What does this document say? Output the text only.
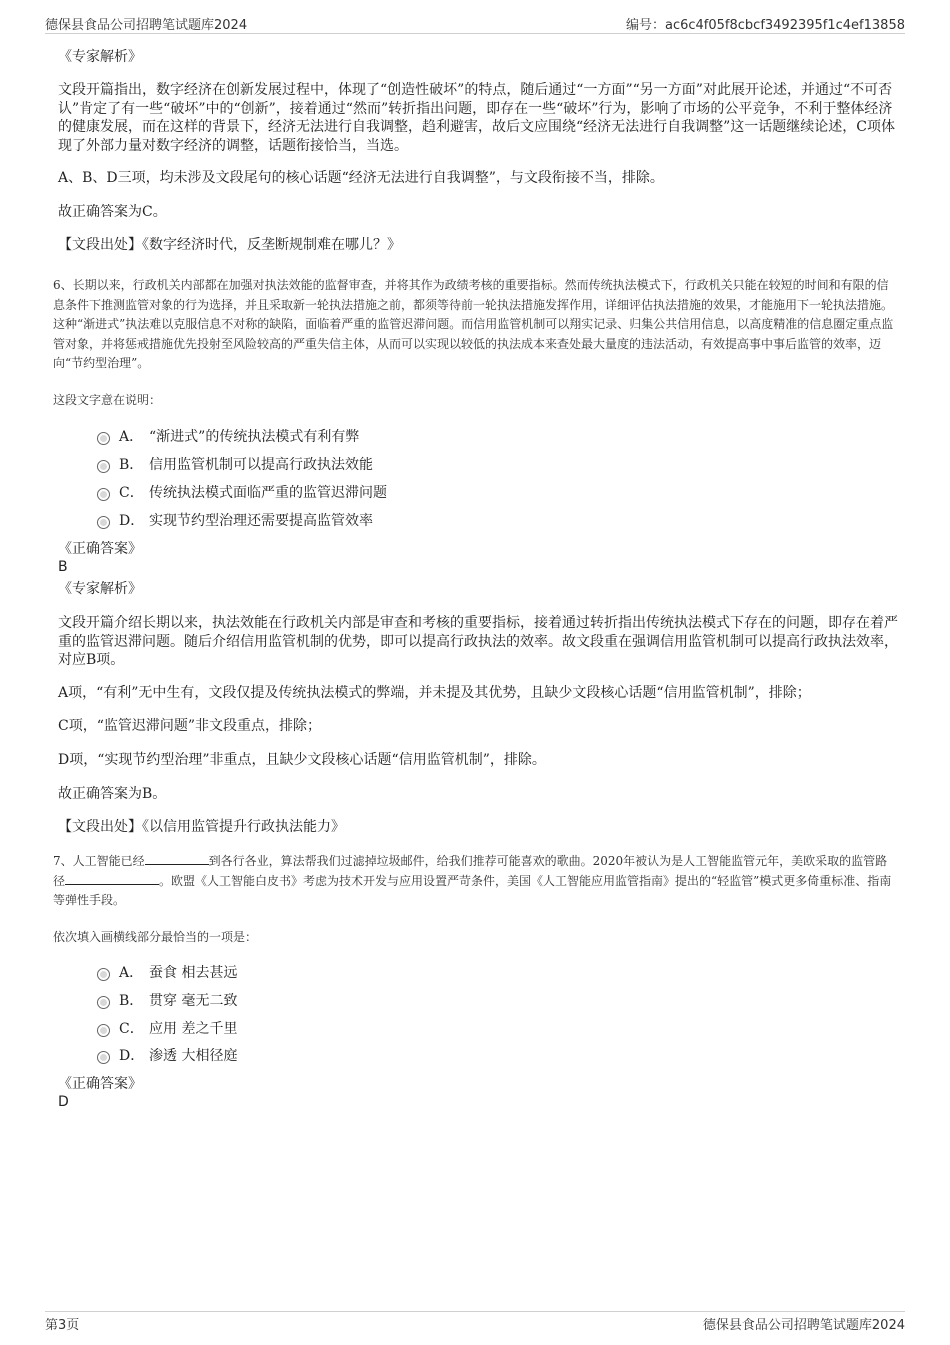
德保县食品公司招聘笔试题库2024	编号：ac6c4f05f8cbcf3492395f1c4ef13858
《专家解析》
文段开篇指出，数字经济在创新发展过程中，体现了“创造性破坏”的特点，随后通过“一方面”“另一方面”对此展开论述，并通过“不可否认”肯定了有一些“破坏”中的“创新”，接着通过“然而”转折指出问题，即存在一些“破坏”行为，影响了市场的公平竞争，不利于整体经济的健康发展，而在这样的背景下，经济无法进行自我调整，趋利避害，故后文应围绕“经济无法进行自我调整”这一话题继续论述，C项体现了外部力量对数字经济的调整，话题衔接恰当，当选。
A、B、D三项，均未涉及文段尾句的核心话题“经济无法进行自我调整”，与文段衔接不当，排除。
故正确答案为C。
【文段出处】《数字经济时代，反垄断规制难在哪儿？》
6、长期以来，行政机关内部都在加强对执法效能的监督审查，并将其作为政绩考核的重要指标。然而传统执法模式下，行政机关只能在较短的时间和有限的信息条件下推测监管对象的行为选择，并且采取新一轮执法措施之前，都须等待前一轮执法措施发挥作用，详细评估执法措施的效果，才能施用下一轮执法措施。这种“渐进式”执法难以克服信息不对称的缺陷，面临着严重的监管迟滞问题。而信用监管机制可以翔实记录、归集公共信用信息，以高度精准的信息圈定重点监管对象，并将惩戒措施优先投射至风险较高的严重失信主体，从而可以实现以较低的执法成本来查处最大量度的违法活动，有效提高事中事后监管的效率，迈向“节约型治理”。
这段文字意在说明：
A． “渐进式”的传统执法模式有利有弊
B． 信用监管机制可以提高行政执法效能
C． 传统执法模式面临严重的监管迟滞问题
D． 实现节约型治理还需要提高监管效率
《正确答案》
B
《专家解析》
文段开篇介绍长期以来，执法效能在行政机关内部是审查和考核的重要指标，接着通过转折指出传统执法模式下存在的问题，即存在着严重的监管迟滞问题。随后介绍信用监管机制的优势，即可以提高行政执法的效率。故文段重在强调信用监管机制可以提高行政执法效率，对应B项。
A项，“有利”无中生有，文段仅提及传统执法模式的弊端，并未提及其优势，且缺少文段核心话题“信用监管机制”，排除；
C项，“监管迟滞问题”非文段重点，排除；
D项，“实现节约型治理”非重点，且缺少文段核心话题“信用监管机制”，排除。
故正确答案为B。
【文段出处】《以信用监管提升行政执法能力》
7、人工智能已经	到各行各业，算法帮我们过滤掉垃圾邮件，给我们推荐可能喜欢的歌曲。2020年被认为是人工智能监管元年，美欧采取的监管路径	。欧盟《人工智能白皮书》考虑为技术开发与应用设置严苛条件，美国《人工智能应用监管指南》提出的“轻监管”模式更多倚重标准、指南等弹性手段。
依次填入画横线部分最恰当的一项是：
A． 蚕食 相去甚远
B． 贯穿 毫无二致
C． 应用 差之千里
D． 渗透 大相径庭
《正确答案》
D
第3页	德保县食品公司招聘笔试题库2024
